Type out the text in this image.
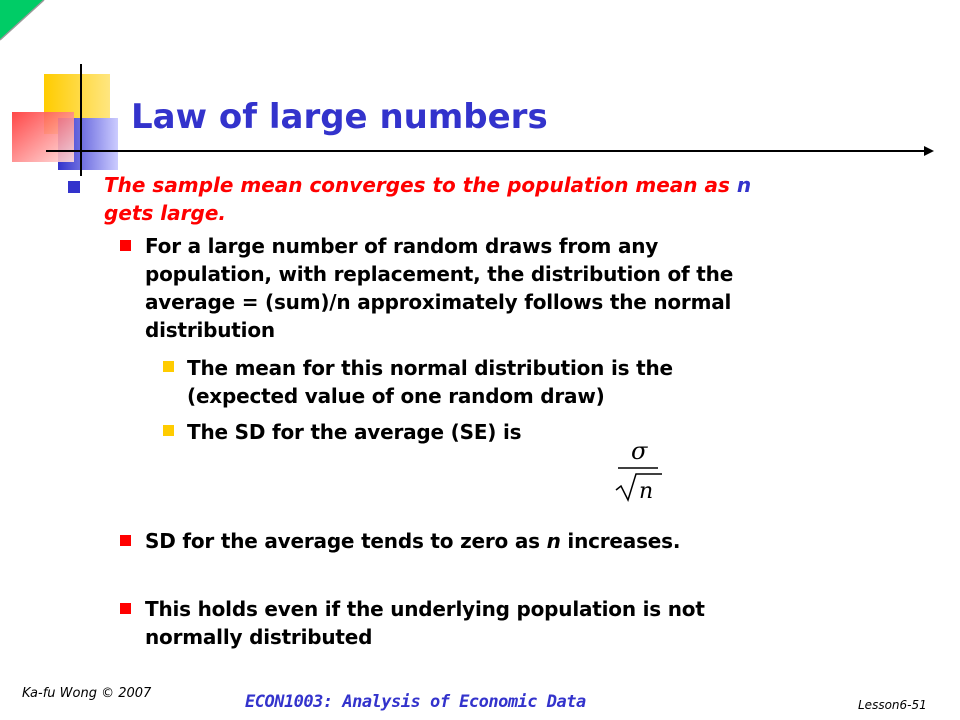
Law of large numbers
The sample mean converges to the population mean as n
gets large.
For a large number of random draws from any
population, with replacement, the distribution of the
average = (sum)/n approximately follows the normal
distribution
The mean for this normal distribution is the
(expected value of one random draw)
The SD for the average (SE) is
σ
n
SD for the average tends to zero as n increases.
This holds even if the underlying population is not
normally distributed
Ka-fu Wong © 2007	ECON1003: Analysis of Economic Data	Lesson6-51
